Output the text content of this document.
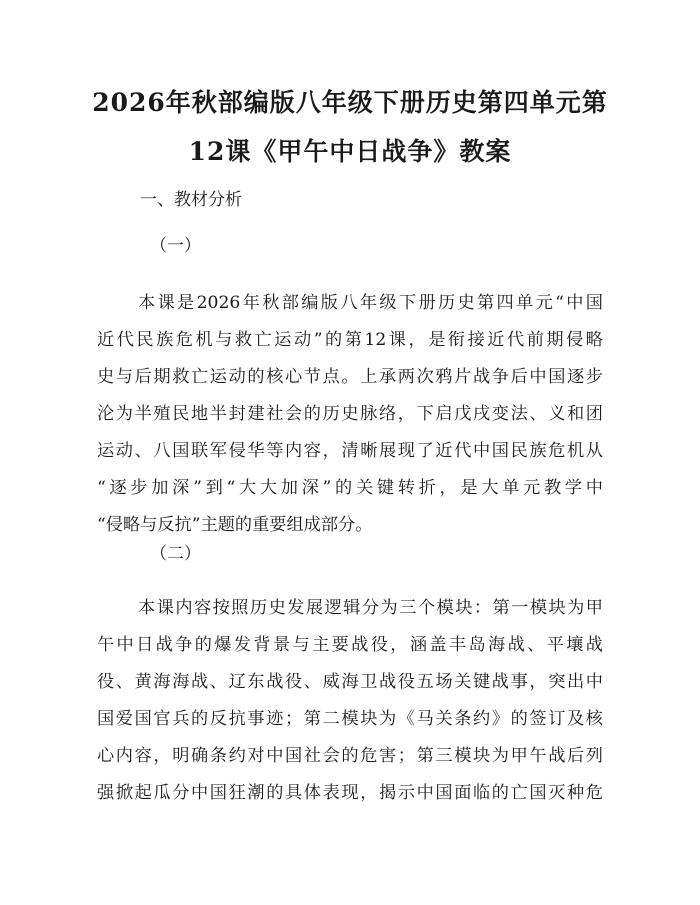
2026年秋部编版八年级下册历史第四单元第
12课《甲午中日战争》教案
一、教材分析
（一）
本课是2026年秋部编版八年级下册历史第四单元“中国
近代民族危机与救亡运动”的第12课，是衔接近代前期侵略
史与后期救亡运动的核心节点。上承两次鸦片战争后中国逐步
沦为半殖民地半封建社会的历史脉络，下启戊戌变法、义和团
运动、八国联军侵华等内容，清晰展现了近代中国民族危机从
“逐步加深”到“大大加深”的关键转折，是大单元教学中
“侵略与反抗”主题的重要组成部分。
（二）
本课内容按照历史发展逻辑分为三个模块：第一模块为甲
午中日战争的爆发背景与主要战役，涵盖丰岛海战、平壤战
役、黄海海战、辽东战役、威海卫战役五场关键战事，突出中
国爱国官兵的反抗事迹；第二模块为《马关条约》的签订及核
心内容，明确条约对中国社会的危害；第三模块为甲午战后列
强掀起瓜分中国狂潮的具体表现，揭示中国面临的亡国灭种危
